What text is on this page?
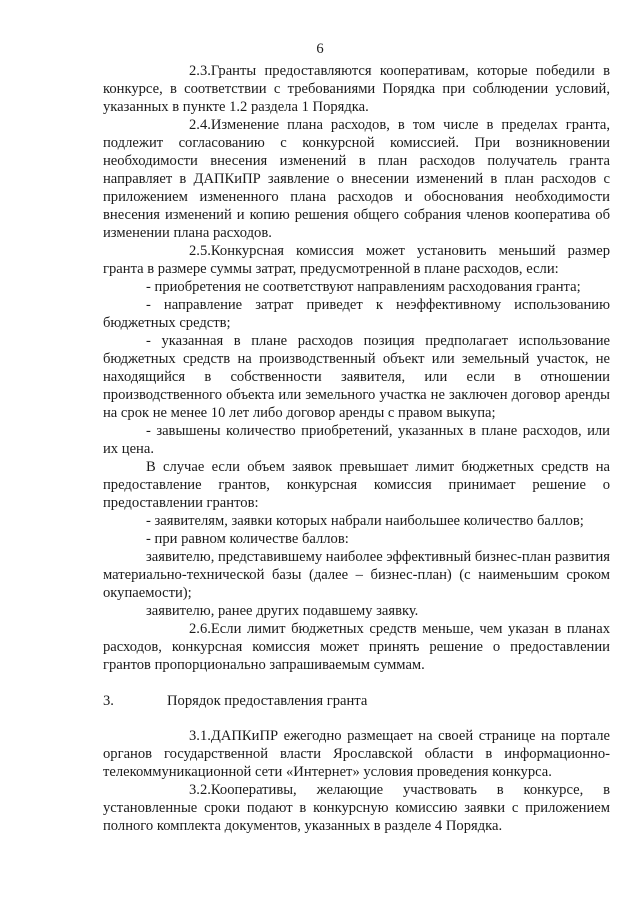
6

2.3.Гранты предоставляются кооперативам, которые победили в конкурсе, в соответствии с требованиями Порядка при соблюдении условий, указанных в пункте 1.2 раздела 1 Порядка.

2.4.Изменение плана расходов, в том числе в пределах гранта, подлежит согласованию с конкурсной комиссией. При возникновении необходимости внесения изменений в план расходов получатель гранта направляет в ДАПКиПР заявление о внесении изменений в план расходов с приложением измененного плана расходов и обоснования необходимости внесения изменений и копию решения общего собрания членов кооператива об изменении плана расходов.

2.5.Конкурсная комиссия может установить меньший размер гранта в размере суммы затрат, предусмотренной в плане расходов, если:

- приобретения не соответствуют направлениям расходования гранта;

- направление затрат приведет к неэффективному использованию бюджетных средств;

- указанная в плане расходов позиция предполагает использование бюджетных средств на производственный объект или земельный участок, не находящийся в собственности заявителя, или если в отношении производственного объекта или земельного участка не заключен договор аренды на срок не менее 10 лет либо договор аренды с правом выкупа;

- завышены количество приобретений, указанных в плане расходов, или их цена.

В случае если объем заявок превышает лимит бюджетных средств на предоставление грантов, конкурсная комиссия принимает решение о предоставлении грантов:

- заявителям, заявки которых набрали наибольшее количество баллов;

- при равном количестве баллов:

заявителю, представившему наиболее эффективный бизнес-план развития материально-технической базы (далее – бизнес-план) (с наименьшим сроком окупаемости);

заявителю, ранее других подавшему заявку.

2.6.Если лимит бюджетных средств меньше, чем указан в планах расходов, конкурсная комиссия может принять решение о предоставлении грантов пропорционально запрашиваемым суммам.

3.	Порядок предоставления гранта

3.1.ДАПКиПР ежегодно размещает на своей странице на портале органов государственной власти Ярославской области в информационно-телекоммуникационной сети «Интернет» условия проведения конкурса.

3.2.Кооперативы, желающие участвовать в конкурсе, в установленные сроки подают в конкурсную комиссию заявки с приложением полного комплекта документов, указанных в разделе 4 Порядка.
